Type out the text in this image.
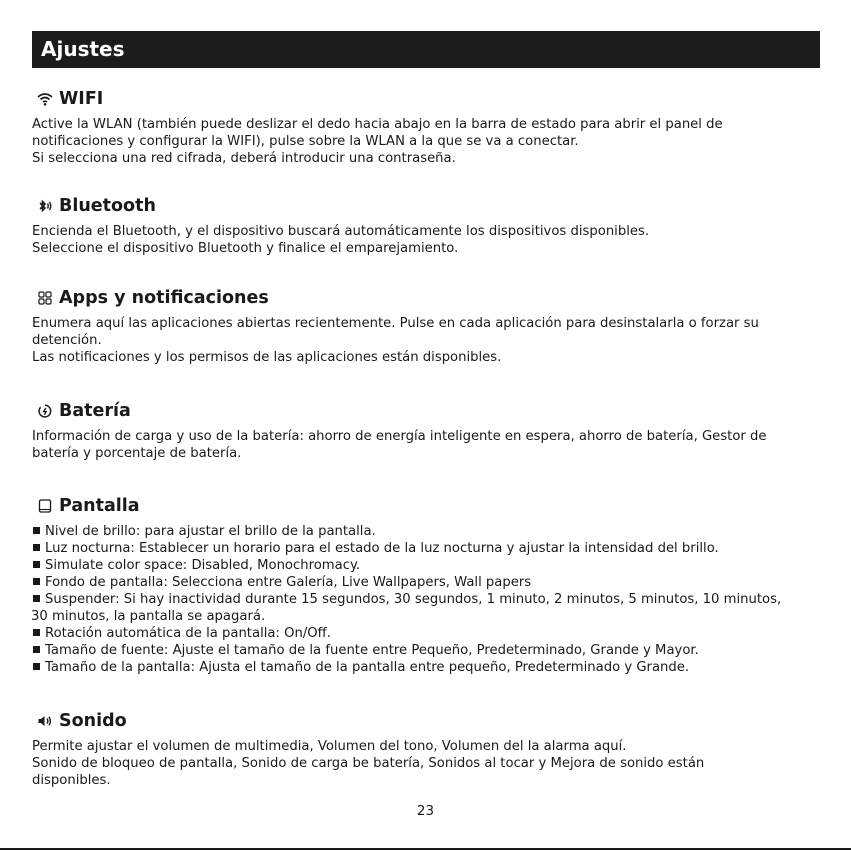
Ajustes
WIFI

Active la WLAN (también puede deslizar el dedo hacia abajo en la barra de estado para abrir el panel de

notificaciones y configurar la WIFI), pulse sobre la WLAN a la que se va a conectar.

Si selecciona una red cifrada, deberá introducir una contraseña.

Bluetooth

Encienda el Bluetooth, y el dispositivo buscará automáticamente los dispositivos disponibles.

Seleccione el dispositivo Bluetooth y finalice el emparejamiento.

Apps y notificaciones

Enumera aquí las aplicaciones abiertas recientemente. Pulse en cada aplicación para desinstalarla o forzar su

detención.

Las notificaciones y los permisos de las aplicaciones están disponibles.

Batería

Información de carga y uso de la batería: ahorro de energía inteligente en espera, ahorro de batería, Gestor de

batería y porcentaje de batería.

Pantalla

Nivel de brillo: para ajustar el brillo de la pantalla.

Luz nocturna: Establecer un horario para el estado de la luz nocturna y ajustar la intensidad del brillo.

Simulate color space: Disabled, Monochromacy.

Fondo de pantalla: Selecciona entre Galería, Live Wallpapers, Wall papers

Suspender: Si hay inactividad durante 15 segundos, 30 segundos, 1 minuto, 2 minutos, 5 minutos, 10 minutos,

30 minutos, la pantalla se apagará.

Rotación automática de la pantalla: On/Off.

Tamaño de fuente: Ajuste el tamaño de la fuente entre Pequeño, Predeterminado, Grande y Mayor.

Tamaño de la pantalla: Ajusta el tamaño de la pantalla entre pequeño, Predeterminado y Grande.

Sonido

Permite ajustar el volumen de multimedia, Volumen del tono, Volumen del la alarma aquí.

Sonido de bloqueo de pantalla, Sonido de carga be batería, Sonidos al tocar y Mejora de sonido están

disponibles.

23
